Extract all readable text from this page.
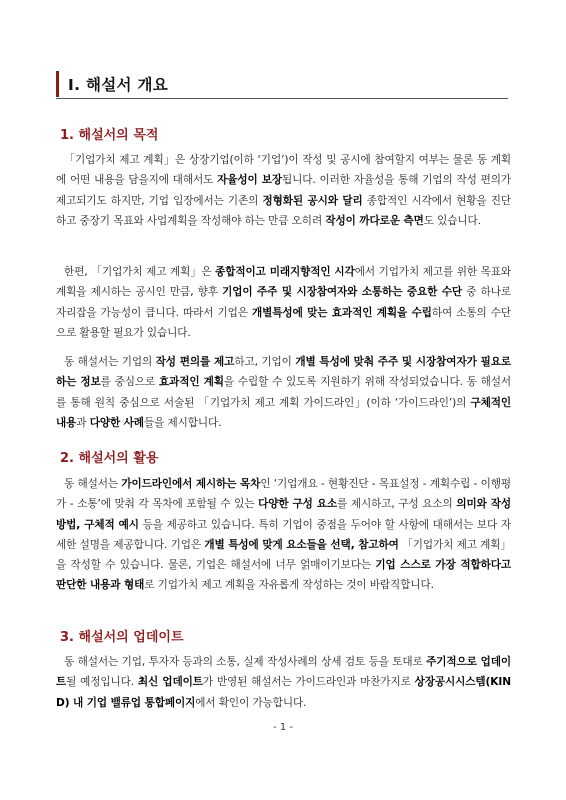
Ⅰ. 해설서 개요
1. 해설서의 목적
「기업가치 제고 계획」은 상장기업(이하 ‘기업’)이 작성 및 공시에 참여할지 여부는 물론 동 계획에 어떤 내용을 담을지에 대해서도 자율성이 보장됩니다. 이러한 자율성을 통해 기업의 작성 편의가 제고되기도 하지만, 기업 입장에서는 기존의 정형화된 공시와 달리 종합적인 시각에서 현황을 진단하고 중장기 목표와 사업계획을 작성해야 하는 만큼 오히려 작성이 까다로운 측면도 있습니다.
한편, 「기업가치 제고 계획」은 종합적이고 미래지향적인 시각에서 기업가치 제고를 위한 목표와 계획을 제시하는 공시인 만큼, 향후 기업이 주주 및 시장참여자와 소통하는 중요한 수단 중 하나로 자리잡을 가능성이 큽니다. 따라서 기업은 개별특성에 맞는 효과적인 계획을 수립하여 소통의 수단으로 활용할 필요가 있습니다.
동 해설서는 기업의 작성 편의를 제고하고, 기업이 개별 특성에 맞춰 주주 및 시장참여자가 필요로 하는 정보를 중심으로 효과적인 계획을 수립할 수 있도록 지원하기 위해 작성되었습니다. 동 해설서를 통해 원칙 중심으로 서술된 「기업가치 제고 계획 가이드라인」(이하 ‘가이드라인’)의 구체적인 내용과 다양한 사례들을 제시합니다.
2. 해설서의 활용
동 해설서는 가이드라인에서 제시하는 목차인 ‘기업개요 - 현황진단 - 목표설정 - 계획수립 - 이행평가 - 소통’에 맞춰 각 목차에 포함될 수 있는 다양한 구성 요소를 제시하고, 구성 요소의 의미와 작성방법, 구체적 예시 등을 제공하고 있습니다. 특히 기업이 중점을 두어야 할 사항에 대해서는 보다 자세한 설명을 제공합니다. 기업은 개별 특성에 맞게 요소들을 선택, 참고하여 「기업가치 제고 계획」을 작성할 수 있습니다. 물론, 기업은 해설서에 너무 얽매이기보다는 기업 스스로 가장 적합하다고 판단한 내용과 형태로 기업가치 제고 계획을 자유롭게 작성하는 것이 바람직합니다.
3. 해설서의 업데이트
동 해설서는 기업, 투자자 등과의 소통, 실제 작성사례의 상세 검토 등을 토대로 주기적으로 업데이트될 예정입니다. 최신 업데이트가 반영된 해설서는 가이드라인과 마찬가지로 상장공시시스템(KIND) 내 기업 밸류업 통합페이지에서 확인이 가능합니다.
- 1 -
